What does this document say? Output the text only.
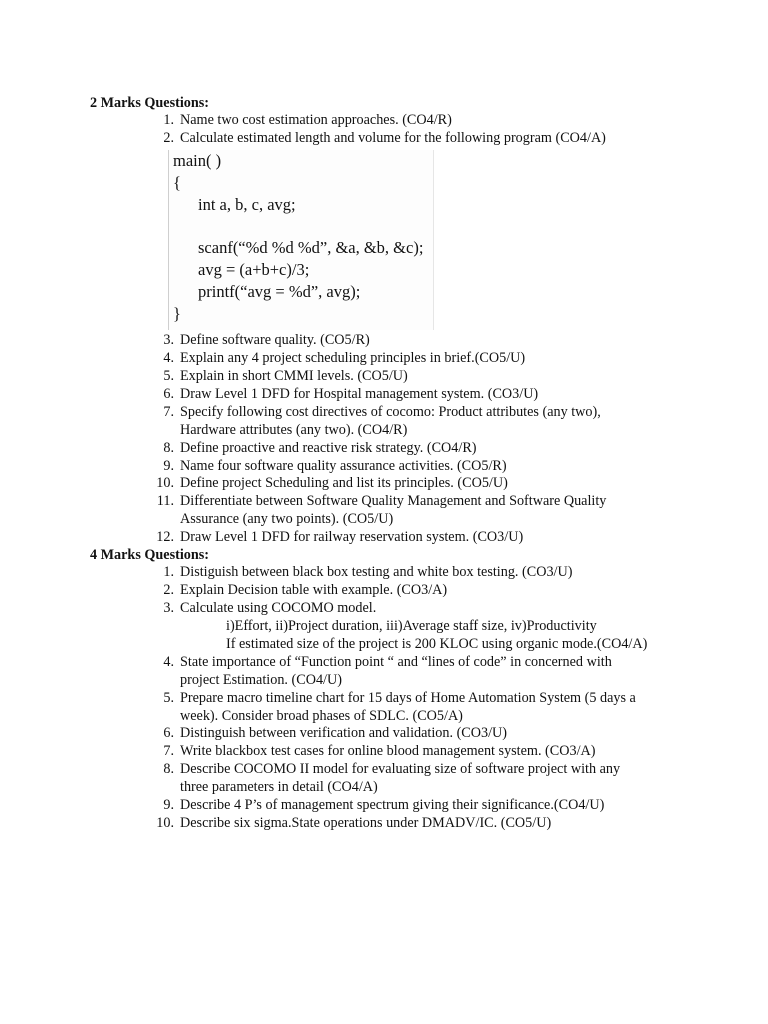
2 Marks Questions:
1. Name two cost estimation approaches. (CO4/R)
2. Calculate estimated length and volume for the following program (CO4/A)
main( )
{
int a, b, c, avg;
scanf(“%d %d %d”, &a, &b, &c);
avg = (a+b+c)/3;
printf(“avg = %d”, avg);
}
3. Define software quality. (CO5/R)
4. Explain any 4 project scheduling principles in brief.(CO5/U)
5. Explain in short CMMI levels. (CO5/U)
6. Draw Level 1 DFD for Hospital management system. (CO3/U)
7. Specify following cost directives of cocomo: Product attributes (any two),
Hardware attributes (any two). (CO4/R)
8. Define proactive and reactive risk strategy. (CO4/R)
9. Name four software quality assurance activities. (CO5/R)
10. Define project Scheduling and list its principles. (CO5/U)
11. Differentiate between Software Quality Management and Software Quality
Assurance (any two points). (CO5/U)
12. Draw Level 1 DFD for railway reservation system. (CO3/U)
4 Marks Questions:
1. Distiguish between black box testing and white box testing. (CO3/U)
2. Explain Decision table with example. (CO3/A)
3. Calculate using COCOMO model.
i)Effort, ii)Project duration, iii)Average staff size, iv)Productivity
If estimated size of the project is 200 KLOC using organic mode.(CO4/A)
4. State importance of “Function point “ and “lines of code” in concerned with
project Estimation. (CO4/U)
5. Prepare macro timeline chart for 15 days of Home Automation System (5 days a
week). Consider broad phases of SDLC. (CO5/A)
6. Distinguish between verification and validation. (CO3/U)
7. Write blackbox test cases for online blood management system. (CO3/A)
8. Describe COCOMO II model for evaluating size of software project with any
three parameters in detail (CO4/A)
9. Describe 4 P’s of management spectrum giving their significance.(CO4/U)
10. Describe six sigma.State operations under DMADV/IC. (CO5/U)
